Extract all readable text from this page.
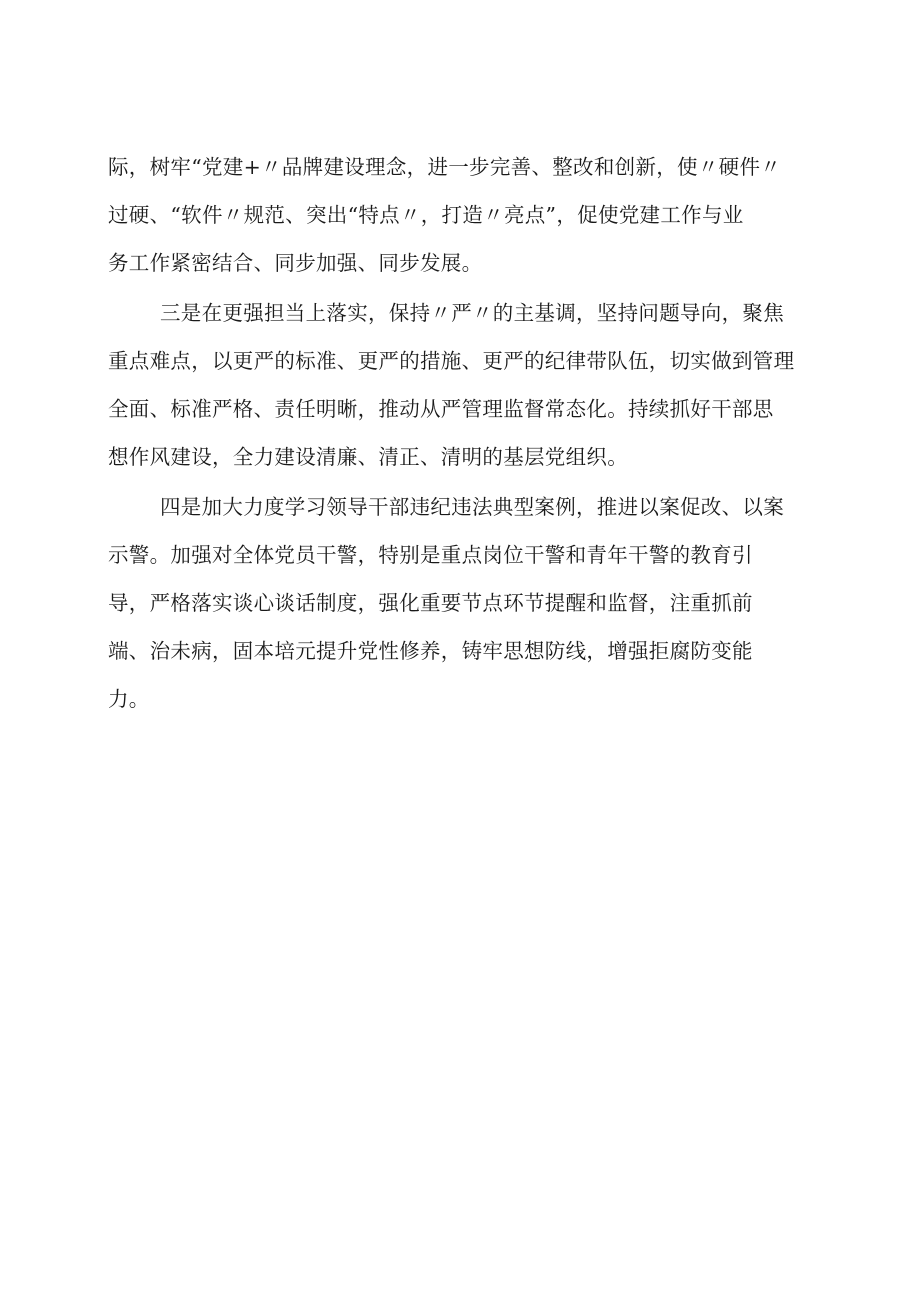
际，树牢“党建+〃品牌建设理念，进一步完善、整改和创新，使〃硬件〃
过硬、“软件〃规范、突出“特点〃，打造〃亮点”，促使党建工作与业
务工作紧密结合、同步加强、同步发展。
三是在更强担当上落实，保持〃严〃的主基调，坚持问题导向，聚焦
重点难点，以更严的标准、更严的措施、更严的纪律带队伍，切实做到管理
全面、标准严格、责任明晰，推动从严管理监督常态化。持续抓好干部思
想作风建设，全力建设清廉、清正、清明的基层党组织。
四是加大力度学习领导干部违纪违法典型案例，推进以案促改、以案
示警。加强对全体党员干警，特别是重点岗位干警和青年干警的教育引
导，严格落实谈心谈话制度，强化重要节点环节提醒和监督，注重抓前
端、治未病，固本培元提升党性修养，铸牢思想防线，增强拒腐防变能
力。
